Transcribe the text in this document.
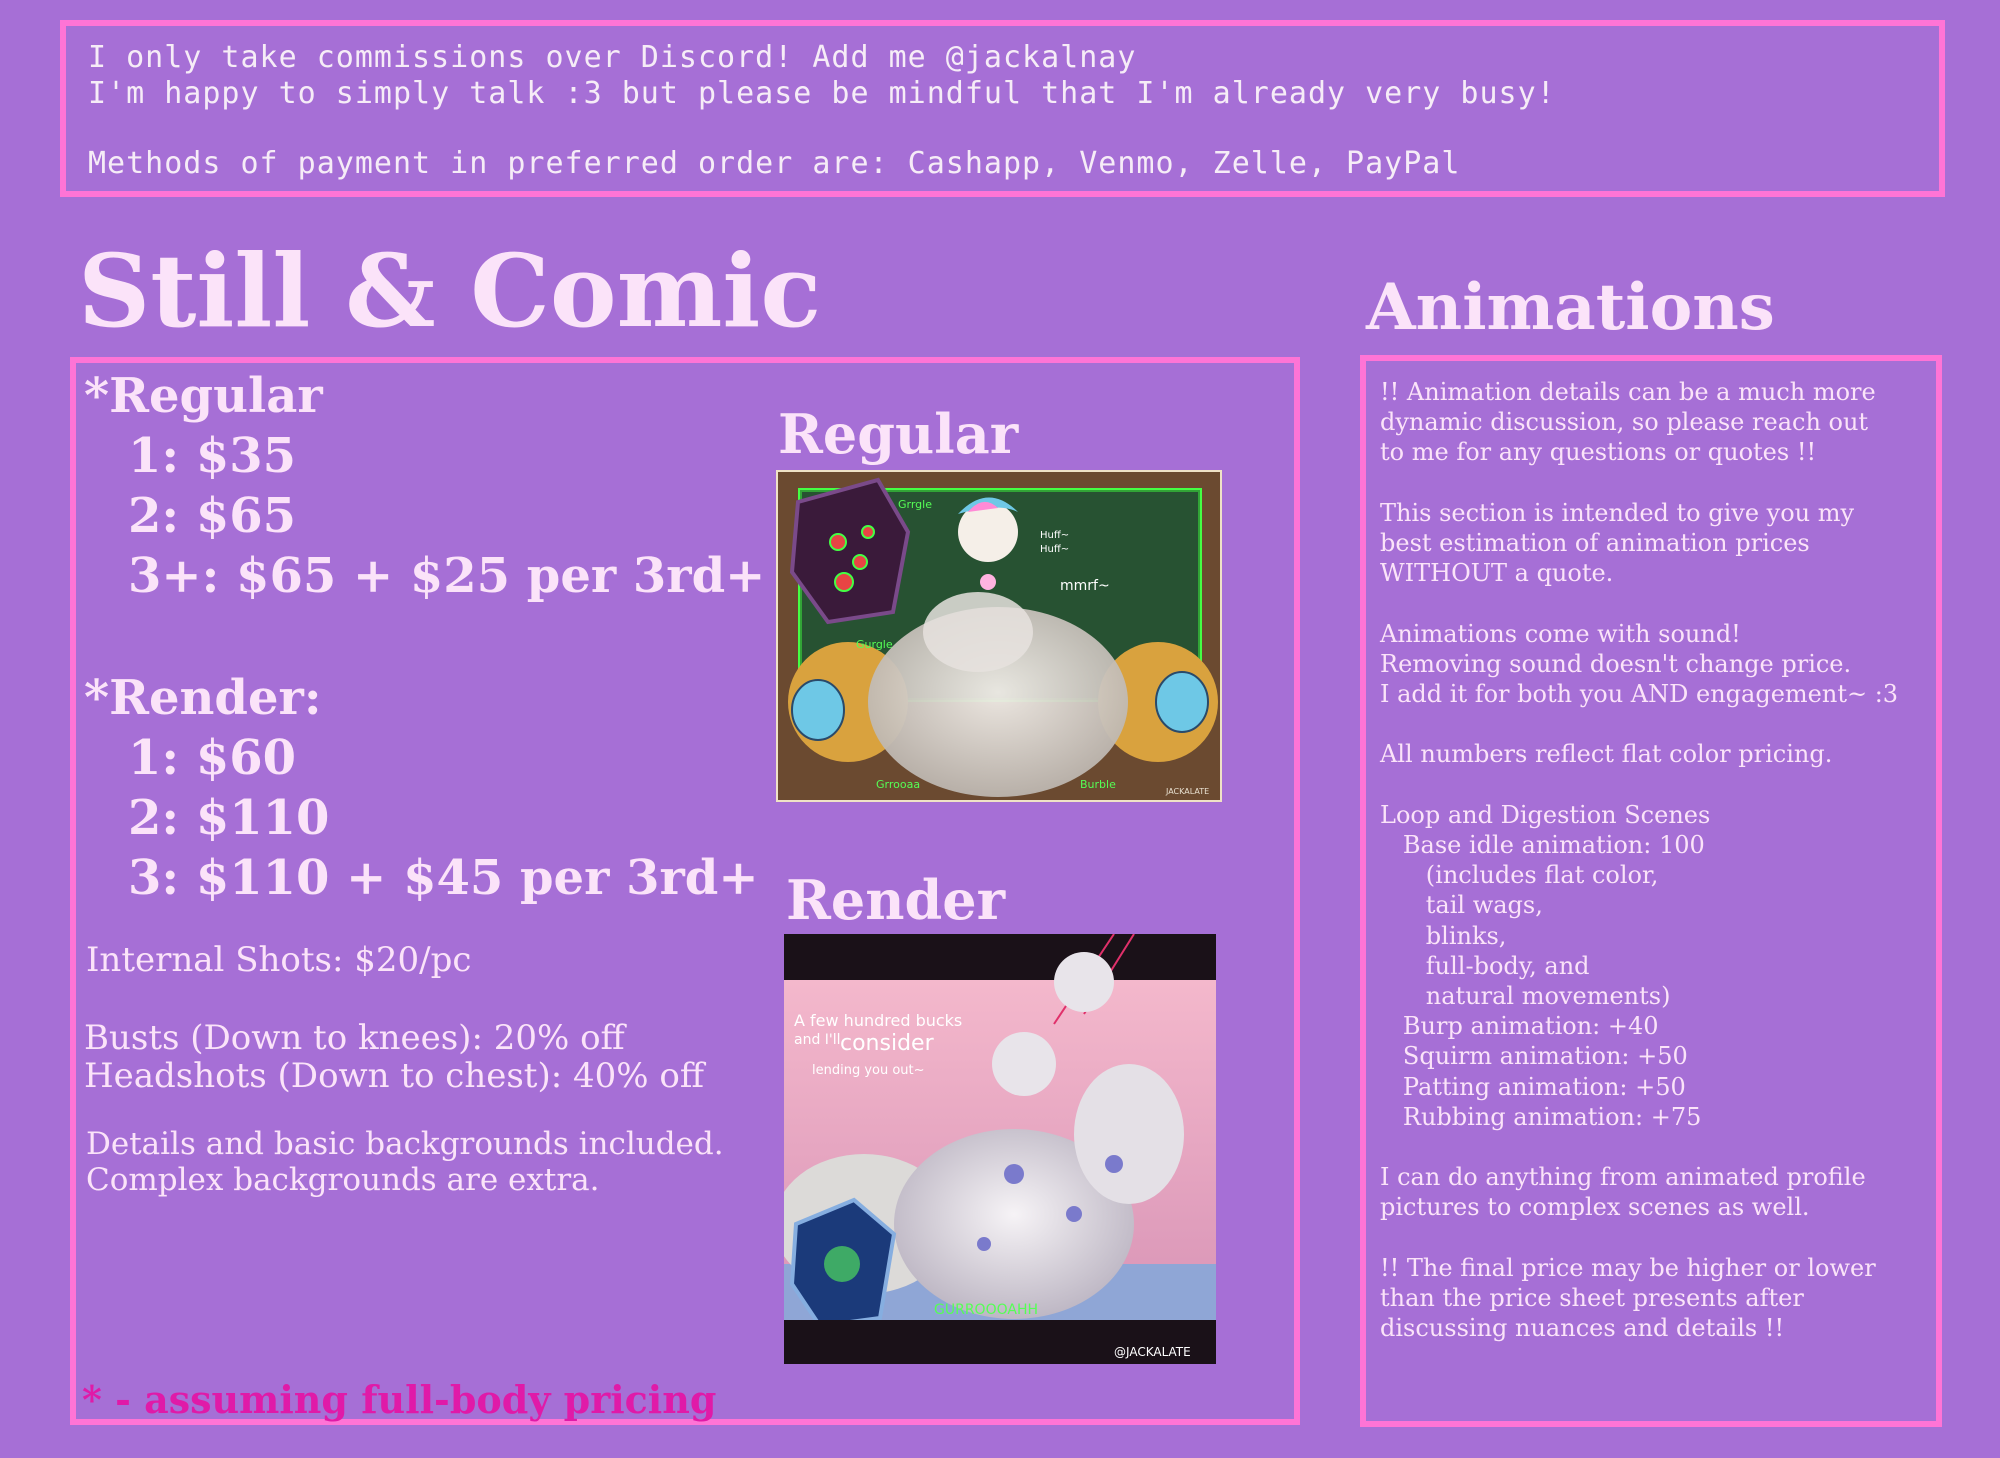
I only take commissions over Discord! Add me @jackalnay
I'm happy to simply talk :3 but please be mindful that I'm already very busy!
Methods of payment in preferred order are: Cashapp, Venmo, Zelle, PayPal
Still & Comic	Animations
*Regular
1: $35
2: $65
3+: $65 + $25 per 3rd+
*Render:
1: $60
2: $110
3: $110 + $45 per 3rd+
Internal Shots: $20/pc
Busts (Down to knees): 20% off
Headshots (Down to chest): 40% off
Details and basic backgrounds included.
Complex backgrounds are extra.
* - assuming full-body pricing
Regular
Grrgle
Huff~
Huff~
mmrf~
Gurgle
Grrooaa	Burble
JACKALATE
Render
A few hundred bucks
and I'll consider
lending you out~
GURROOOAHH
@JACKALATE
!! Animation details can be a much more
dynamic discussion, so please reach out
to me for any questions or quotes !!
This section is intended to give you my
best estimation of animation prices
WITHOUT a quote.
Animations come with sound!
Removing sound doesn't change price.
I add it for both you AND engagement~ :3
All numbers reflect flat color pricing.
Loop and Digestion Scenes
Base idle animation: 100
(includes flat color,
tail wags,
blinks,
full-body, and
natural movements)
Burp animation: +40
Squirm animation: +50
Patting animation: +50
Rubbing animation: +75
I can do anything from animated profile
pictures to complex scenes as well.
!! The final price may be higher or lower
than the price sheet presents after
discussing nuances and details !!
